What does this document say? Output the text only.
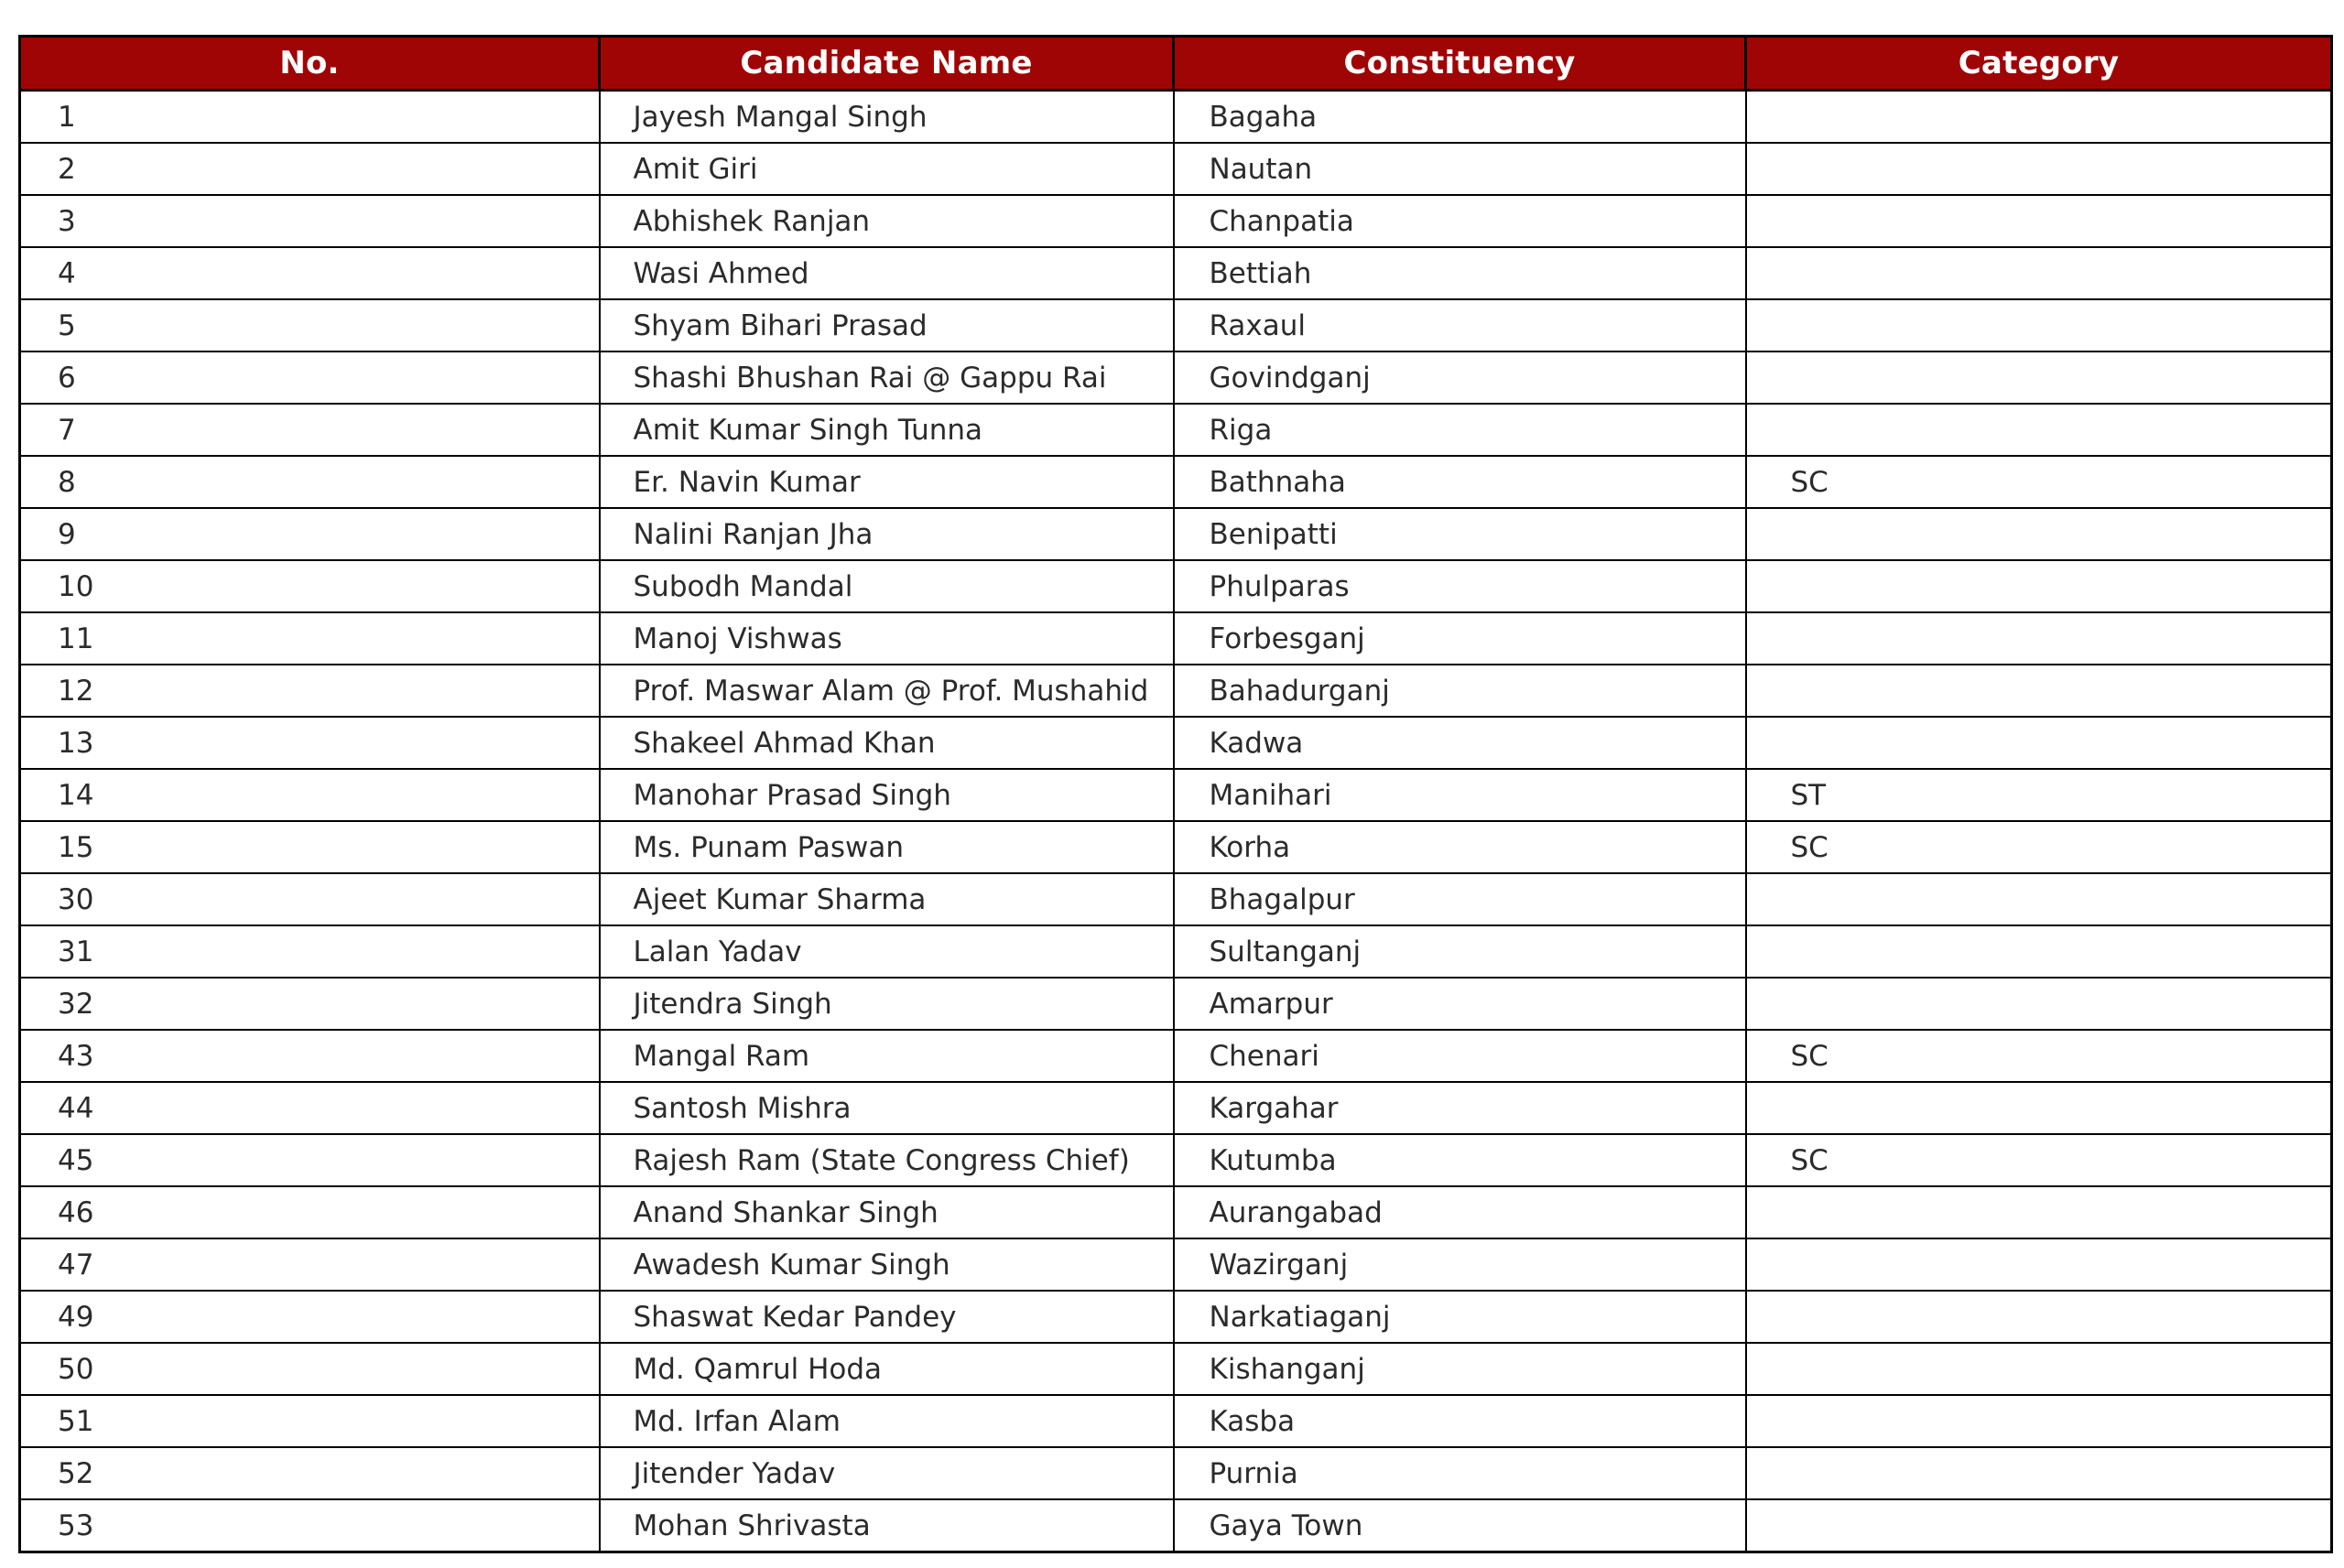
No.	Candidate Name	Constituency	Category

1	Jayesh Mangal Singh	Bagaha	

2	Amit Giri	Nautan	

3	Abhishek Ranjan	Chanpatia	

4	Wasi Ahmed	Bettiah	

5	Shyam Bihari Prasad	Raxaul	

6	Shashi Bhushan Rai @ Gappu Rai	Govindganj	

7	Amit Kumar Singh Tunna	Riga	

8	Er. Navin Kumar	Bathnaha	SC

9	Nalini Ranjan Jha	Benipatti	

10	Subodh Mandal	Phulparas	

11	Manoj Vishwas	Forbesganj	

12	Prof. Maswar Alam @ Prof. Mushahid	Bahadurganj	

13	Shakeel Ahmad Khan	Kadwa	

14	Manohar Prasad Singh	Manihari	ST

15	Ms. Punam Paswan	Korha	SC

30	Ajeet Kumar Sharma	Bhagalpur	

31	Lalan Yadav	Sultanganj	

32	Jitendra Singh	Amarpur	

43	Mangal Ram	Chenari	SC

44	Santosh Mishra	Kargahar	

45	Rajesh Ram (State Congress Chief)	Kutumba	SC

46	Anand Shankar Singh	Aurangabad	

47	Awadesh Kumar Singh	Wazirganj	

49	Shaswat Kedar Pandey	Narkatiaganj	

50	Md. Qamrul Hoda	Kishanganj	

51	Md. Irfan Alam	Kasba	

52	Jitender Yadav	Purnia	

53	Mohan Shrivasta	Gaya Town	
